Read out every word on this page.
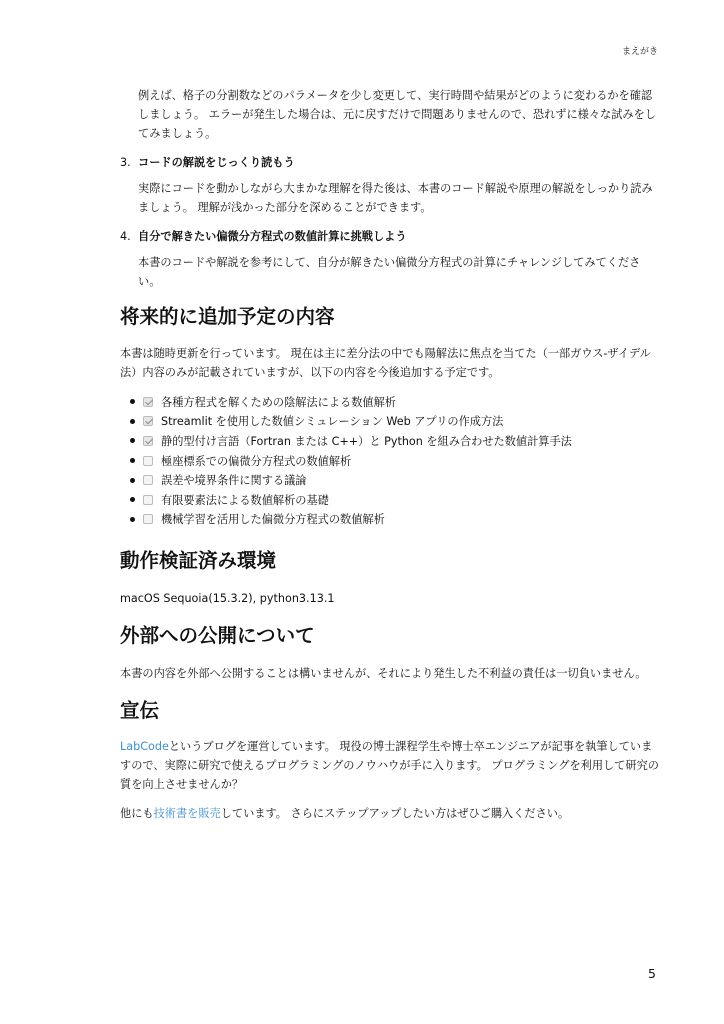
まえがき

例えば、格子の分割数などのパラメータを少し変更して、実行時間や結果がどのように変わるかを確認しましょう。 エラーが発生した場合は、元に戻すだけで問題ありませんので、恐れずに様々な試みをしてみましょう。

3. コードの解説をじっくり読もう

実際にコードを動かしながら大まかな理解を得た後は、本書のコード解説や原理の解説をしっかり読みましょう。 理解が浅かった部分を深めることができます。

4. 自分で解きたい偏微分方程式の数値計算に挑戦しよう

本書のコードや解説を参考にして、自分が解きたい偏微分方程式の計算にチャレンジしてみてください。

将来的に追加予定の内容

本書は随時更新を行っています。 現在は主に差分法の中でも陽解法に焦点を当てた（一部ガウス-ザイデル法）内容のみが記載されていますが、以下の内容を今後追加する予定です。

各種方程式を解くための陰解法による数値解析
Streamlit を使用した数値シミュレーション Web アプリの作成方法
静的型付け言語（Fortran または C++）と Python を組み合わせた数値計算手法
極座標系での偏微分方程式の数値解析
誤差や境界条件に関する議論
有限要素法による数値解析の基礎
機械学習を活用した偏微分方程式の数値解析
動作検証済み環境

macOS Sequoia(15.3.2), python3.13.1

外部への公開について

本書の内容を外部へ公開することは構いませんが、それにより発生した不利益の責任は一切負いません。

宣伝

LabCodeというブログを運営しています。 現役の博士課程学生や博士卒エンジニアが記事を執筆していますので、実際に研究で使えるプログラミングのノウハウが手に入ります。 プログラミングを利用して研究の質を向上させませんか？

他にも技術書を販売しています。 さらにステップアップしたい方はぜひご購入ください。

5
